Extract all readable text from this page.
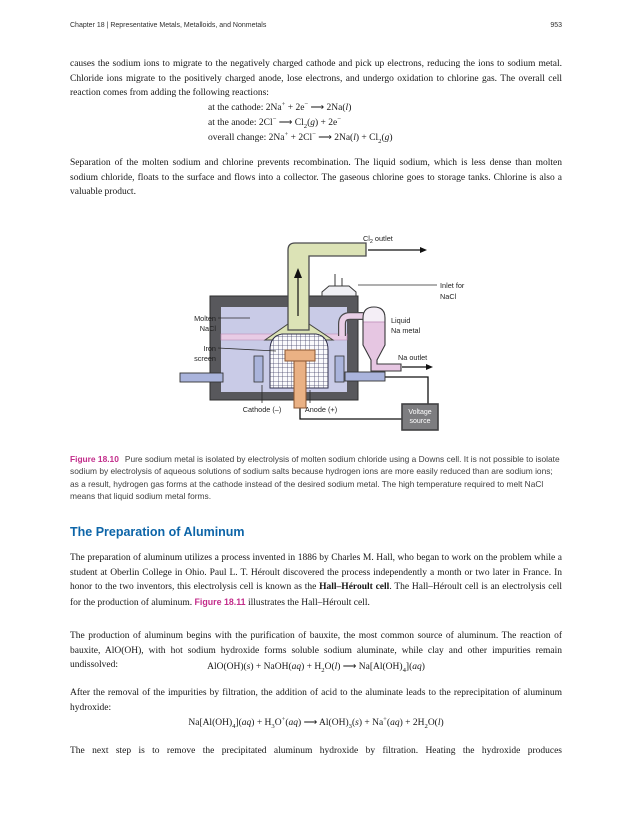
Chapter 18 | Representative Metals, Metalloids, and Nonmetals	953

causes the sodium ions to migrate to the negatively charged cathode and pick up electrons, reducing the ions to sodium metal. Chloride ions migrate to the positively charged anode, lose electrons, and undergo oxidation to chlorine gas. The overall cell reaction comes from adding the following reactions:

at the cathode: 2Na+ + 2e− ⟶ 2Na(l)
at the anode: 2Cl− ⟶ $Cl_2(g) + 2e^-$
overall change: 2Na+ + 2Cl− ⟶ $2Na(l) + Cl_2(g)$

Separation of the molten sodium and chlorine prevents recombination. The liquid sodium, which is less dense than molten sodium chloride, floats to the surface and flows into a collector. The gaseous chlorine goes to storage tanks. Chlorine is also a valuable product.

Voltage
source
$Cl_2$ outlet
Inlet for
NaCl
Molten
NaCl
Iron
screen
Liquid
Na metal
Na outlet
Cathode (–)	Anode (+)

Figure 18.10 Pure sodium metal is isolated by electrolysis of molten sodium chloride using a Downs cell. It is not possible to isolate sodium by electrolysis of aqueous solutions of sodium salts because hydrogen ions are more easily reduced than are sodium ions; as a result, hydrogen gas forms at the cathode instead of the desired sodium metal. The high temperature required to melt NaCl means that liquid sodium metal forms.

The Preparation of Aluminum

The preparation of aluminum utilizes a process invented in 1886 by Charles M. Hall, who began to work on the problem while a student at Oberlin College in Ohio. Paul L. T. Héroult discovered the process independently a month or two later in France. In honor to the two inventors, this electrolysis cell is known as the Hall–Héroult cell. The Hall–Héroult cell is an electrolysis cell for the production of aluminum. Figure 18.11 illustrates the Hall–Héroult cell.

The production of aluminum begins with the purification of bauxite, the most common source of aluminum. The reaction of bauxite, AlO(OH), with hot sodium hydroxide forms soluble sodium aluminate, while clay and other impurities remain undissolved:	AlO(OH)(s) + NaOH(aq) + $H_2O(l)$ ⟶ $Na[Al(OH)_4](aq)$

After the removal of the impurities by filtration, the addition of acid to the aluminate leads to the reprecipitation of aluminum hydroxide:

$Na[Al(OH)_4](aq) + H_3O^+(aq)$ ⟶ $Al(OH)_3(s) + Na^+(aq) + 2H_2O(l)$

The next step is to remove the precipitated aluminum hydroxide by filtration. Heating the hydroxide produces
